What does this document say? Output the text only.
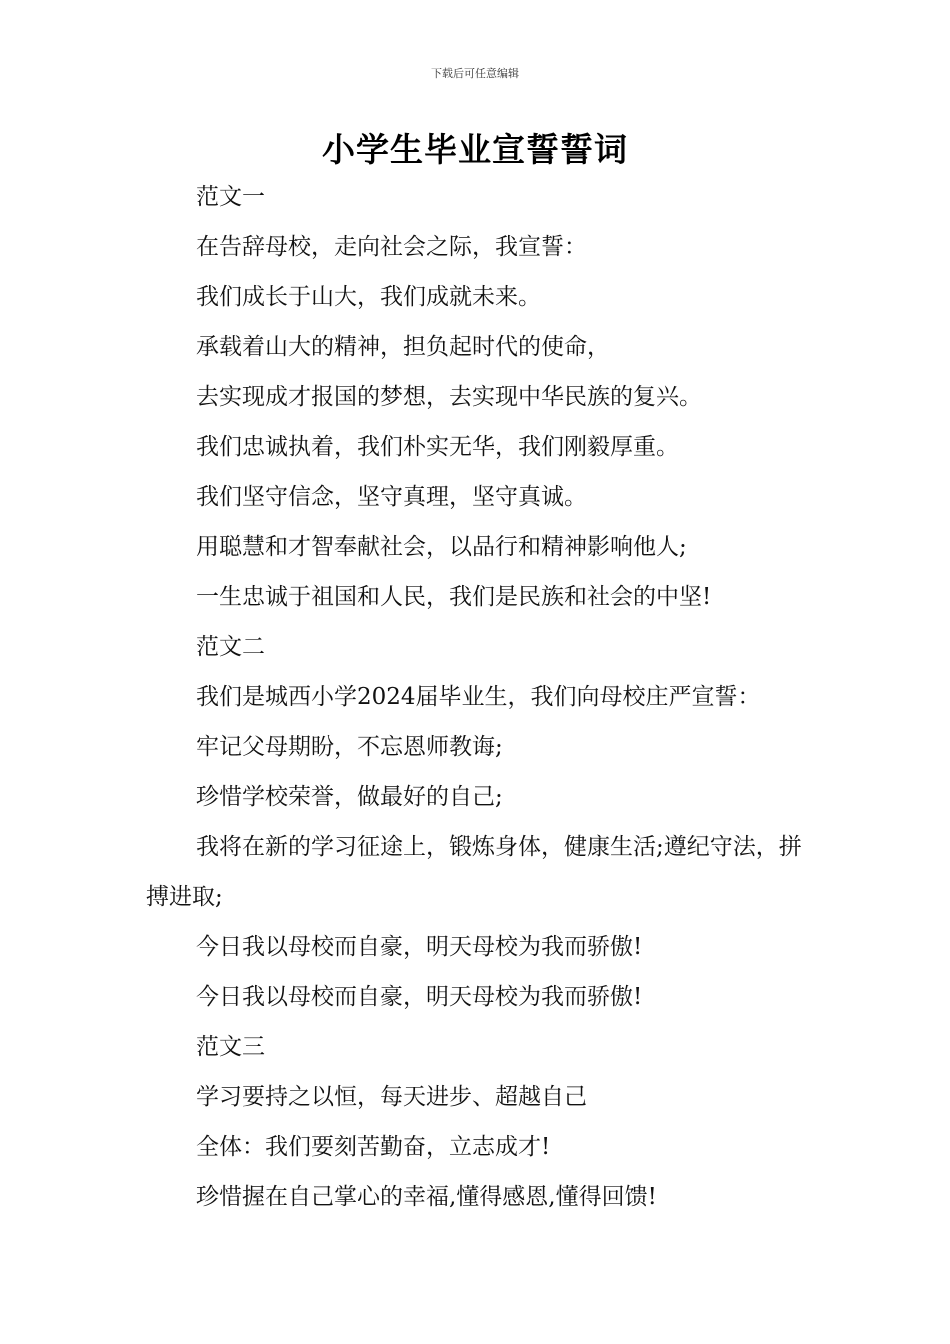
下载后可任意编辑
小学生毕业宣誓誓词
范文一
在告辞母校，走向社会之际，我宣誓：
我们成长于山大，我们成就未来。
承载着山大的精神，担负起时代的使命，
去实现成才报国的梦想，去实现中华民族的复兴。
我们忠诚执着，我们朴实无华，我们刚毅厚重。
我们坚守信念，坚守真理，坚守真诚。
用聪慧和才智奉献社会，以品行和精神影响他人;
一生忠诚于祖国和人民，我们是民族和社会的中坚!
范文二
我们是城西小学2024届毕业生，我们向母校庄严宣誓：
牢记父母期盼，不忘恩师教诲;
珍惜学校荣誉，做最好的自己;
我将在新的学习征途上，锻炼身体，健康生活;遵纪守法，拼搏进取;
今日我以母校而自豪，明天母校为我而骄傲!
今日我以母校而自豪，明天母校为我而骄傲!
范文三
学习要持之以恒，每天进步、超越自己
全体：我们要刻苦勤奋，立志成才!
珍惜握在自己掌心的幸福,懂得感恩,懂得回馈!
